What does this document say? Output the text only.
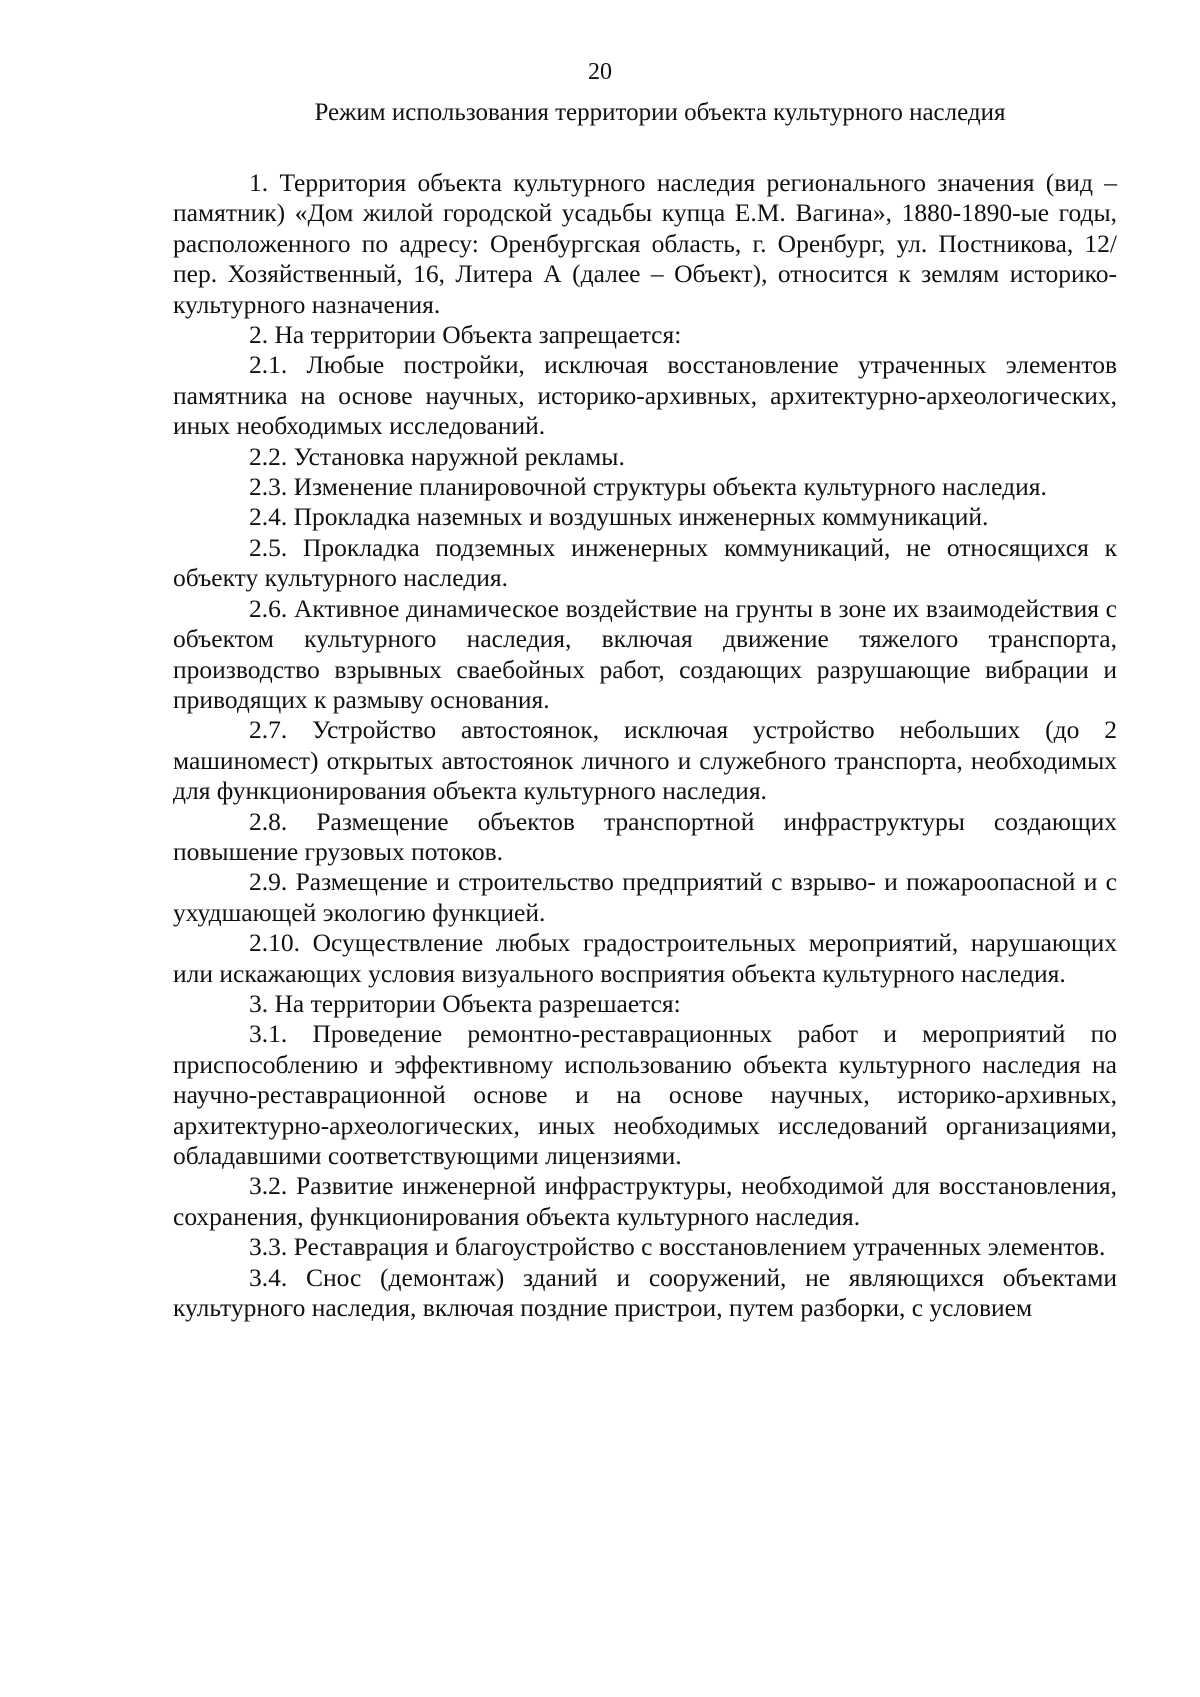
20
Режим использования территории объекта культурного наследия

1. Территория объекта культурного наследия регионального значения (вид – памятник) «Дом жилой городской усадьбы купца Е.М. Вагина», 1880-1890-ые годы, расположенного по адресу: Оренбургская область, г. Оренбург, ул. Постникова, 12/пер. Хозяйственный, 16, Литера А (далее – Объект), относится к землям историко-культурного назначения.

2. На территории Объекта запрещается:

2.1. Любые постройки, исключая восстановление утраченных элементов памятника на основе научных, историко-архивных, архитектурно-археологических, иных необходимых исследований.

2.2. Установка наружной рекламы.

2.3. Изменение планировочной структуры объекта культурного наследия.

2.4. Прокладка наземных и воздушных инженерных коммуникаций.

2.5. Прокладка подземных инженерных коммуникаций, не относящихся к объекту культурного наследия.

2.6. Активное динамическое воздействие на грунты в зоне их взаимодействия с объектом культурного наследия, включая движение тяжелого транспорта, производство взрывных сваебойных работ, создающих разрушающие вибрации и приводящих к размыву основания.

2.7. Устройство автостоянок, исключая устройство небольших (до 2 машиномест) открытых автостоянок личного и служебного транспорта, необходимых для функционирования объекта культурного наследия.

2.8. Размещение объектов транспортной инфраструктуры создающих повышение грузовых потоков.

2.9. Размещение и строительство предприятий с взрыво- и пожароопасной и с ухудшающей экологию функцией.

2.10. Осуществление любых градостроительных мероприятий, нарушающих или искажающих условия визуального восприятия объекта культурного наследия.

3. На территории Объекта разрешается:

3.1. Проведение ремонтно-реставрационных работ и мероприятий по приспособлению и эффективному использованию объекта культурного наследия на научно-реставрационной основе и на основе научных, историко-архивных, архитектурно-археологических, иных необходимых исследований организациями, обладавшими соответствующими лицензиями.

3.2. Развитие инженерной инфраструктуры, необходимой для восстановления, сохранения, функционирования объекта культурного наследия.

3.3. Реставрация и благоустройство с восстановлением утраченных элементов.

3.4. Снос (демонтаж) зданий и сооружений, не являющихся объектами культурного наследия, включая поздние пристрои, путем разборки, с условием
